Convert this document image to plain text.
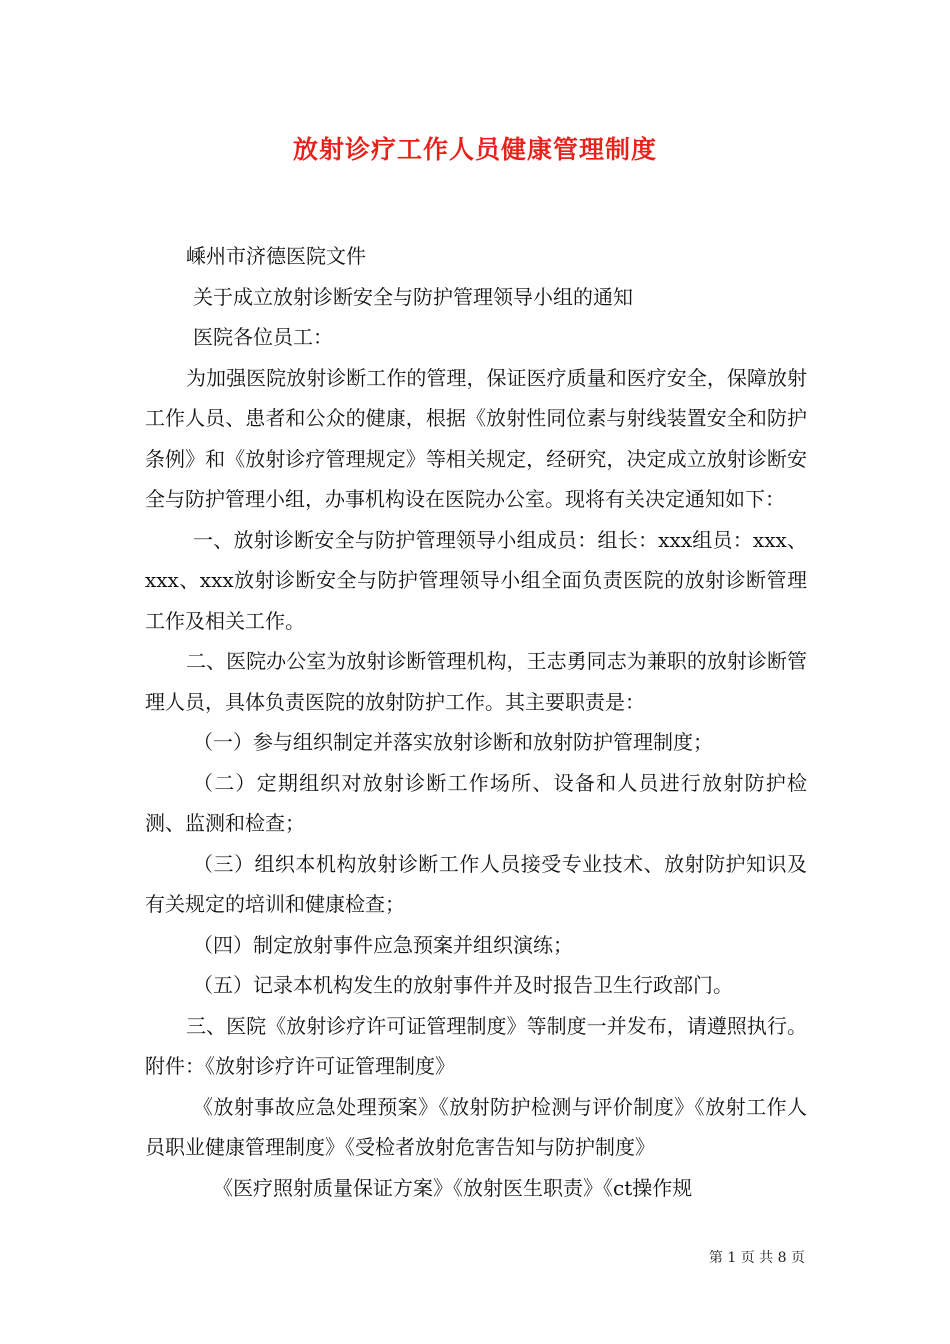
放射诊疗工作人员健康管理制度

嵊州市济德医院文件

关于成立放射诊断安全与防护管理领导小组的通知

医院各位员工：

为加强医院放射诊断工作的管理，保证医疗质量和医疗安全，保障放射工作人员、患者和公众的健康，根据《放射性同位素与射线装置安全和防护条例》和《放射诊疗管理规定》等相关规定，经研究，决定成立放射诊断安全与防护管理小组，办事机构设在医院办公室。现将有关决定通知如下：

一、放射诊断安全与防护管理领导小组成员：组长：xxx组员：xxx、xxx、xxx放射诊断安全与防护管理领导小组全面负责医院的放射诊断管理工作及相关工作。

二、医院办公室为放射诊断管理机构，王志勇同志为兼职的放射诊断管理人员，具体负责医院的放射防护工作。其主要职责是：

（一）参与组织制定并落实放射诊断和放射防护管理制度；

（二）定期组织对放射诊断工作场所、设备和人员进行放射防护检测、监测和检查；

（三）组织本机构放射诊断工作人员接受专业技术、放射防护知识及有关规定的培训和健康检查；

（四）制定放射事件应急预案并组织演练；

（五）记录本机构发生的放射事件并及时报告卫生行政部门。

三、医院《放射诊疗许可证管理制度》等制度一并发布，请遵照执行。附件：《放射诊疗许可证管理制度》

《放射事故应急处理预案》《放射防护检测与评价制度》《放射工作人员职业健康管理制度》《受检者放射危害告知与防护制度》

《医疗照射质量保证方案》《放射医生职责》《ct操作规

第 1 页 共 8 页
